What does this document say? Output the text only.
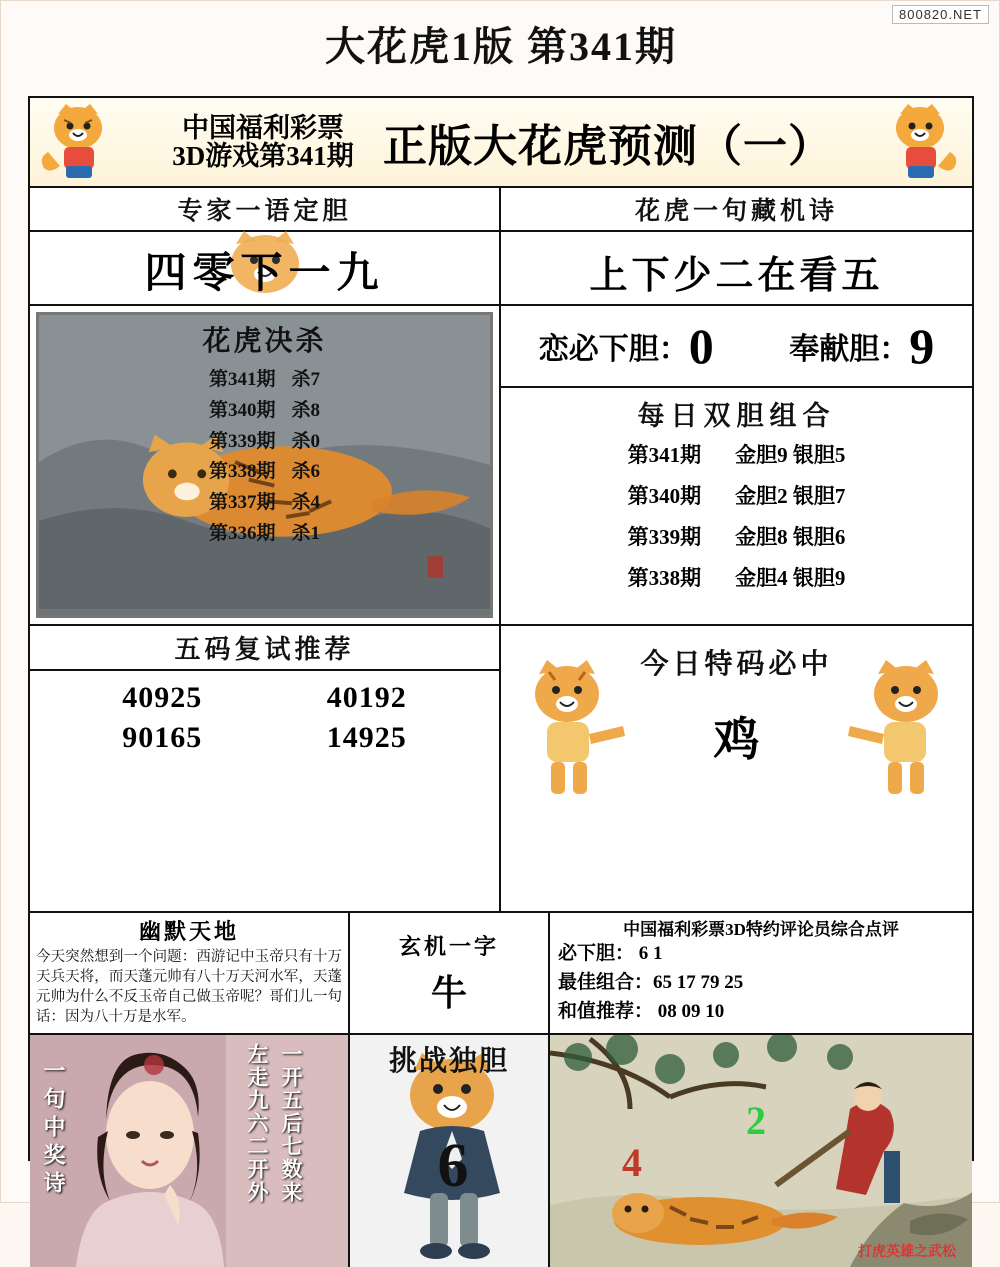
800820.NET
大花虎1版 第341期
中国福利彩票
3D游戏第341期 正版大花虎预测（一）
专家一语定胆
四零下一九
花虎决杀
第341期 杀7
第340期 杀8
第339期 杀0
第338期 杀6
第337期 杀4
第336期 杀1
五码复试推荐
40925	40192
90165	14925
花虎一句藏机诗
上下少二在看五
恋必下胆：0	奉献胆：9
每日双胆组合
第341期 金胆9 银胆5
第340期 金胆2 银胆7
第339期 金胆8 银胆6
第338期 金胆4 银胆9
今日特码必中
鸡
幽默天地
今天突然想到一个问题：西游记中玉帝只有十万天兵天将，而天蓬元帅有八十万天河水军，天蓬元帅为什么不反玉帝自己做玉帝呢？哥们儿一句话：因为八十万是水军。
玄机一字
牛
中国福利彩票3D特约评论员综合点评
必下胆： 6 1
最佳组合：65 17 79 25
和值推荐： 08 09 10
一句中奖诗	左走九六二开外 一开五后七数来	挑战独胆
6	4
2
打虎英雄之武松
